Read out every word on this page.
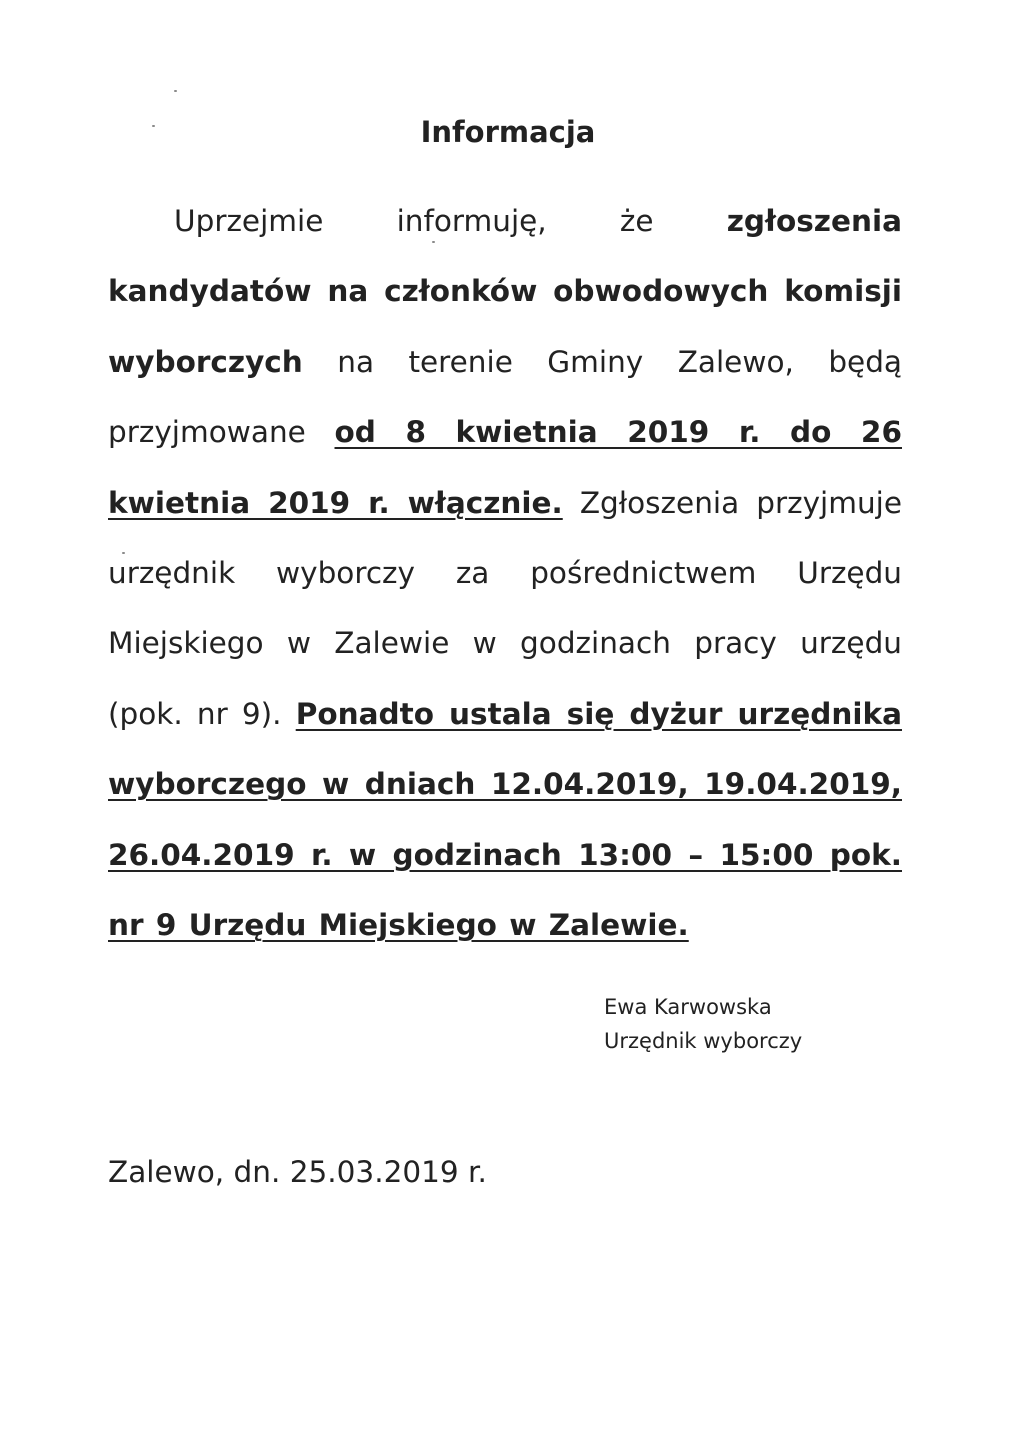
Informacja

Uprzejmie informuję, że zgłoszenia kandydatów na członków obwodowych komisji wyborczych na terenie Gminy Zalewo, będą przyjmowane od 8 kwietnia 2019 r. do 26 kwietnia 2019 r. włącznie. Zgłoszenia przyjmuje urzędnik wyborczy za pośrednictwem Urzędu Miejskiego w Zalewie w godzinach pracy urzędu (pok. nr 9). Ponadto ustala się dyżur urzędnika wyborczego w dniach 12.04.2019, 19.04.2019, 26.04.2019 r. w godzinach 13:00 – 15:00 pok. nr 9 Urzędu Miejskiego w Zalewie.

Ewa Karwowska
Urzędnik wyborczy

Zalewo, dn. 25.03.2019 r.
